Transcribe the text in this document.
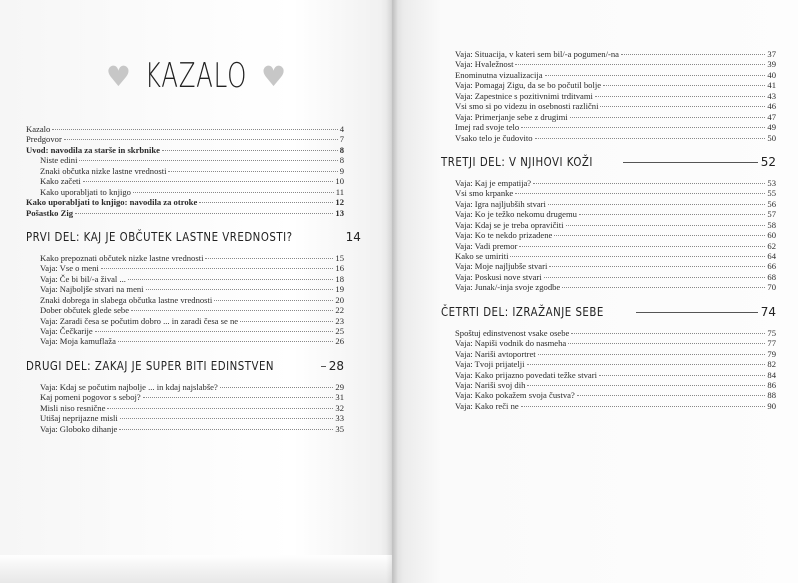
♥ KAZALO ♥
Kazalo	4
Predgovor	7
Uvod: navodila za starše in skrbnike	8
Niste edini	8
Znaki občutka nizke lastne vrednosti	9
Kako začeti	10
Kako uporabljati to knjigo	11
Kako uporabljati to knjigo: navodila za otroke	12
Pošastko Zig	13
PRVI DEL: KAJ JE OBČUTEK LASTNE VREDNOSTI?	14
Kako prepoznati občutek nizke lastne vrednosti	15
Vaja: Vse o meni	16
Vaja: Če bi bil/-a žival ...	18
Vaja: Najboljše stvari na meni	19
Znaki dobrega in slabega občutka lastne vrednosti	20
Dober občutek glede sebe	22
Vaja: Zaradi česa se počutim dobro ... in zaradi česa se ne	23
Vaja: Čečkarije	25
Vaja: Moja kamuflaža	26
DRUGI DEL: ZAKAJ JE SUPER BITI EDINSTVEN	28
Vaja: Kdaj se počutim najbolje ... in kdaj najslabše?	29
Kaj pomeni pogovor s seboj?	31
Misli niso resnične	32
Utišaj neprijazne misli	33
Vaja: Globoko dihanje	35
Vaja: Situacija, v kateri sem bil/-a pogumen/-na	37
Vaja: Hvaležnost	39
Enominutna vizualizacija	40
Vaja: Pomagaj Zigu, da se bo počutil bolje	41
Vaja: Zapestnice s pozitivnimi trditvami	43
Vsi smo si po videzu in osebnosti različni	46
Vaja: Primerjanje sebe z drugimi	47
Imej rad svoje telo	49
Vsako telo je čudovito	50
TRETJI DEL: V NJIHOVI KOŽI	52
Vaja: Kaj je empatija?	53
Vsi smo krpanke	55
Vaja: Igra najljubših stvari	56
Vaja: Ko je težko nekomu drugemu	57
Vaja: Kdaj se je treba opravičiti	58
Vaja: Ko te nekdo prizadene	60
Vaja: Vadi premor	62
Kako se umiriti	64
Vaja: Moje najljubše stvari	66
Vaja: Poskusi nove stvari	68
Vaja: Junak/-inja svoje zgodbe	70
ČETRTI DEL: IZRAŽANJE SEBE	74
Spoštuj edinstvenost vsake osebe	75
Vaja: Napiši vodnik do nasmeha	77
Vaja: Nariši avtoportret	79
Vaja: Tvoji prijatelji	82
Vaja: Kako prijazno povedati težke stvari	84
Vaja: Nariši svoj dih	86
Vaja: Kako pokažem svoja čustva?	88
Vaja: Kako reči ne	90
